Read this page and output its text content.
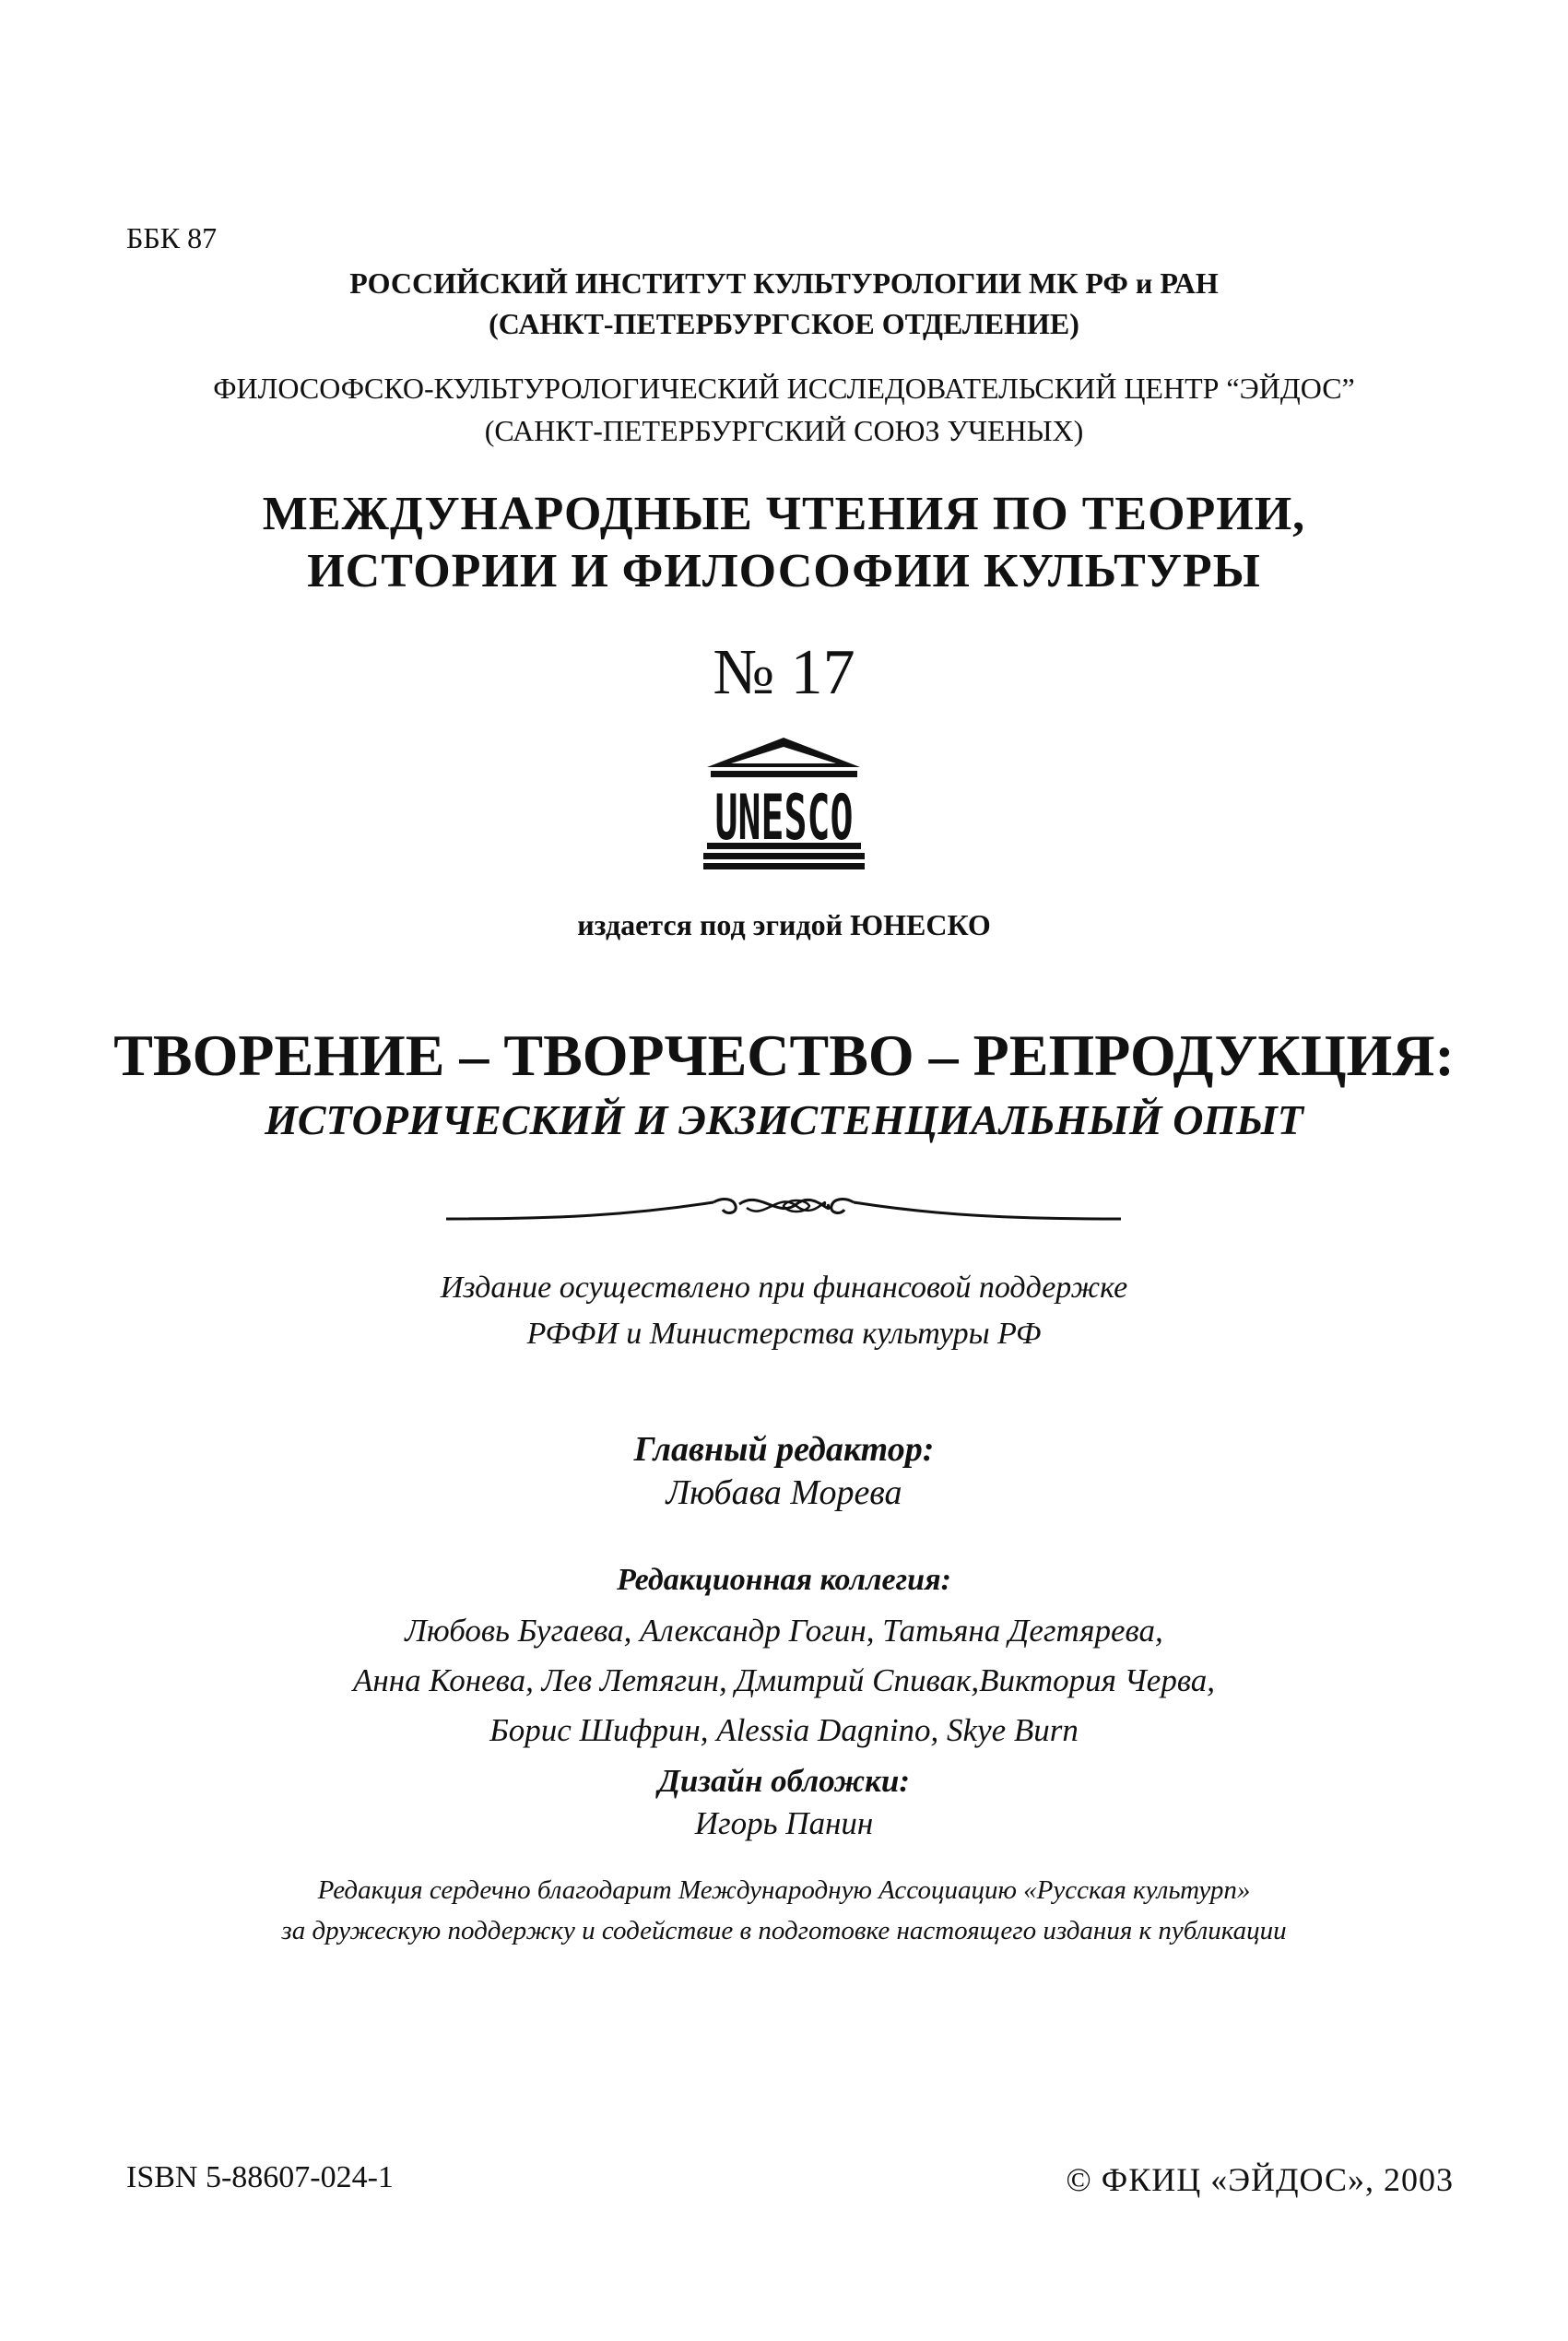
ББК 87
РОССИЙСКИЙ ИНСТИТУТ КУЛЬТУРОЛОГИИ МК РФ и РАН
(САНКТ-ПЕТЕРБУРГСКОЕ ОТДЕЛЕНИЕ)
ФИЛОСОФСКО-КУЛЬТУРОЛОГИЧЕСКИЙ ИССЛЕДОВАТЕЛЬСКИЙ ЦЕНТР “ЭЙДОС”
(САНКТ-ПЕТЕРБУРГСКИЙ СОЮЗ УЧЕНЫХ)
МЕЖДУНАРОДНЫЕ ЧТЕНИЯ ПО ТЕОРИИ,
ИСТОРИИ И ФИЛОСОФИИ КУЛЬТУРЫ
№ 17
UNESCO
издается под эгидой ЮНЕСКО
ТВОРЕНИЕ – ТВОРЧЕСТВО – РЕПРОДУКЦИЯ:
ИСТОРИЧЕСКИЙ И ЭКЗИСТЕНЦИАЛЬНЫЙ ОПЫТ
Издание осуществлено при финансовой поддержке
РФФИ и Министерства культуры РФ
Главный редактор:
Любава Морева
Редакционная коллегия:
Любовь Бугаева, Александр Гогин, Татьяна Дегтярева,
Анна Конева, Лев Летягин, Дмитрий Спивак,Виктория Черва,
Борис Шифрин, Alessia Dagnino, Skye Burn
Дизайн обложки:
Игорь Панин
Редакция сердечно благодарит Международную Ассоциацию «Русская культурп»
за дружескую поддержку и содействие в подготовке настоящего издания к публикации
ISBN 5-88607-024-1	© ФКИЦ «ЭЙДОС», 2003
